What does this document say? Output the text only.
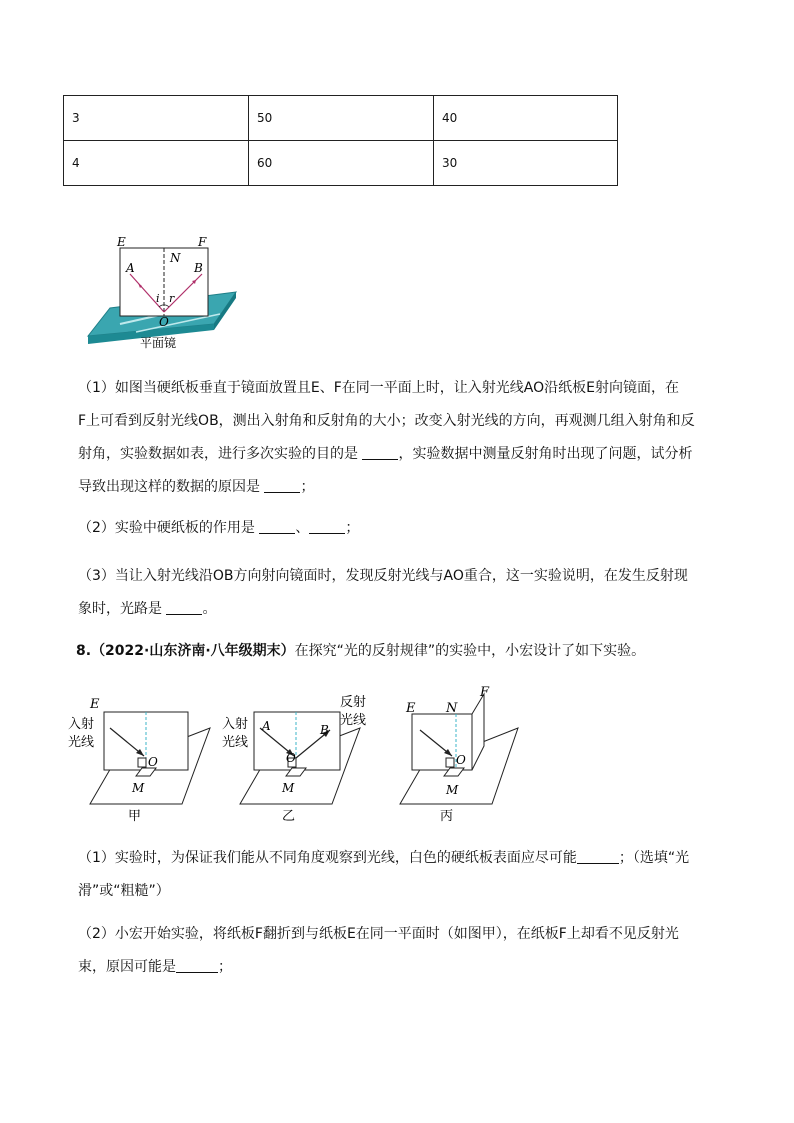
3	50	40
4	60	30
E	F
N
A	B
i r
O
平面镜
（1）如图当硬纸板垂直于镜面放置且E、F在同一平面上时，让入射光线AO沿纸板E射向镜面，在
F上可看到反射光线OB，测出入射角和反射角的大小；改变入射光线的方向，再观测几组入射角和反
射角，实验数据如表，进行多次实验的目的是	，实验数据中测量反射角时出现了问题，试分析
导致出现这样的数据的原因是	；
（2）实验中硬纸板的作用是	、	；
（3）当让入射光线沿OB方向射向镜面时，发现反射光线与AO重合，这一实验说明，在发生反射现
象时，光路是	。
8.（2022·山东济南·八年级期末）在探究“光的反射规律”的实验中，小宏设计了如下实验。
E
入射
光线
O
M
甲
入射
光线
反射
光线
A	B
O
M
乙
E N
F
O
M
丙
（1）实验时，为保证我们能从不同角度观察到光线，白色的硬纸板表面应尽可能	；（选填“光
滑”或“粗糙”）
（2）小宏开始实验，将纸板F翻折到与纸板E在同一平面时（如图甲），在纸板F上却看不见反射光
束，原因可能是	；
